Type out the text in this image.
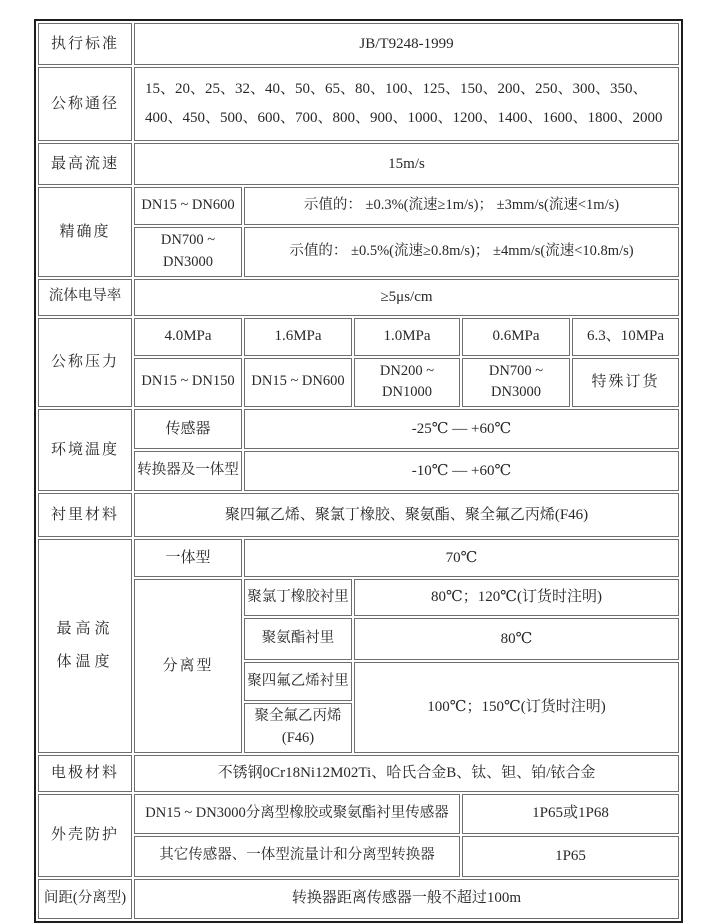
执行标准	JB/T9248-1999				
公称通径	15、20、25、32、40、50、65、80、100、125、150、200、250、300、350、400、450、500、600、700、800、900、1000、1200、1400、1600、1800、2000				
最高流速	15m/s				
精确度	DN15 ~ DN600	示值的： ±0.3%(流速≥1m/s)； ±3mm/s(流速<1m/s)			
	DN700 ~ DN3000	示值的： ±0.5%(流速≥0.8m/s)； ±4mm/s(流速<10.8m/s)			
流体电导率	≥5μs/cm				
公称压力	4.0MPa	1.6MPa	1.0MPa	0.6MPa	6.3、10MPa
	DN15 ~ DN150	DN15 ~ DN600	DN200 ~ DN1000	DN700 ~ DN3000	特殊订货
环境温度	传感器	-25℃ — +60℃			
	转换器及一体型	-10℃ — +60℃			
衬里材料	聚四氟乙烯、聚氯丁橡胶、聚氨酯、聚全氟乙丙烯(F46)				
最高流体温度	一体型	70℃			
	分离型	聚氯丁橡胶衬里	80℃；120℃(订货时注明)		
		聚氨酯衬里	80℃		
		聚四氟乙烯衬里	100℃；150℃(订货时注明)		
		聚全氟乙丙烯(F46)			
电极材料	不锈钢0Cr18Ni12M02Ti、哈氏合金B、钛、钽、铂/铱合金				
外壳防护	DN15 ~ DN3000分离型橡胶或聚氨酯衬里传感器			1P65或1P68	
	其它传感器、一体型流量计和分离型转换器			1P65	
间距(分离型)	转换器距离传感器一般不超过100m				
